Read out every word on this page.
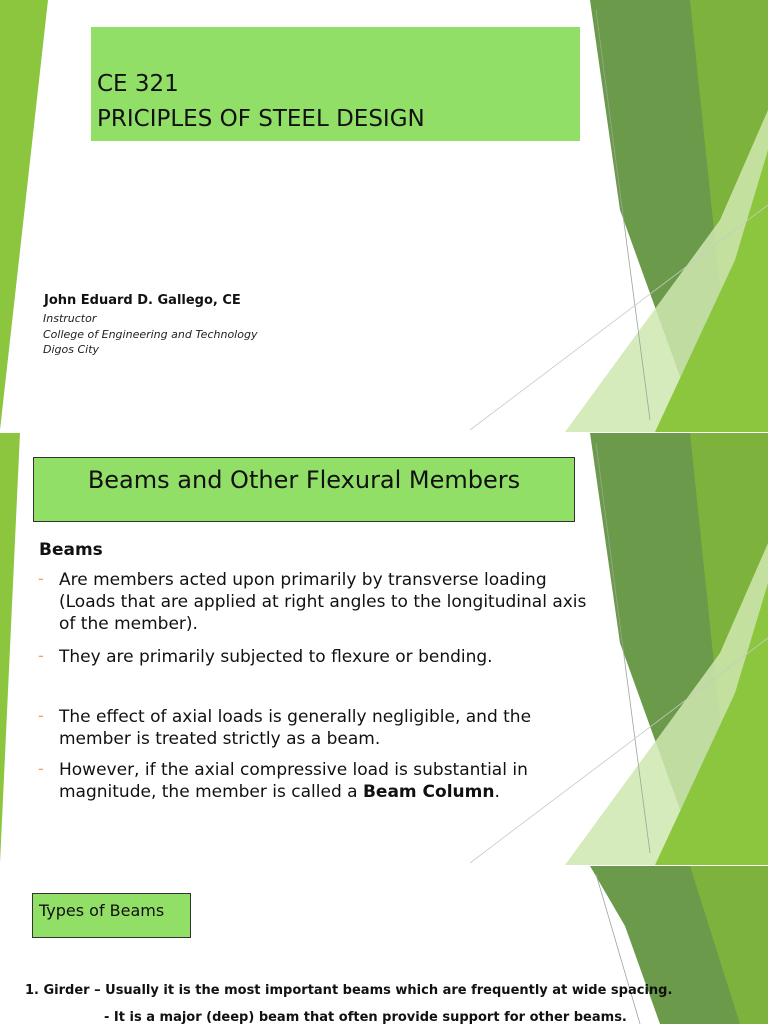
CE 321
PRICIPLES OF STEEL DESIGN
John Eduard D. Gallego, CE
Instructor
College of Engineering and Technology
Digos City
Beams and Other Flexural Members
Beams
- Are members acted upon primarily by transverse loading (Loads that are applied at right angles to the longitudinal axis of the member).
- They are primarily subjected to flexure or bending.
- The effect of axial loads is generally negligible, and the member is treated strictly as a beam.
- However, if the axial compressive load is substantial in magnitude, the member is called a Beam Column.
Types of Beams
1. Girder – Usually it is the most important beams which are frequently at wide spacing.
- It is a major (deep) beam that often provide support for other beams.
